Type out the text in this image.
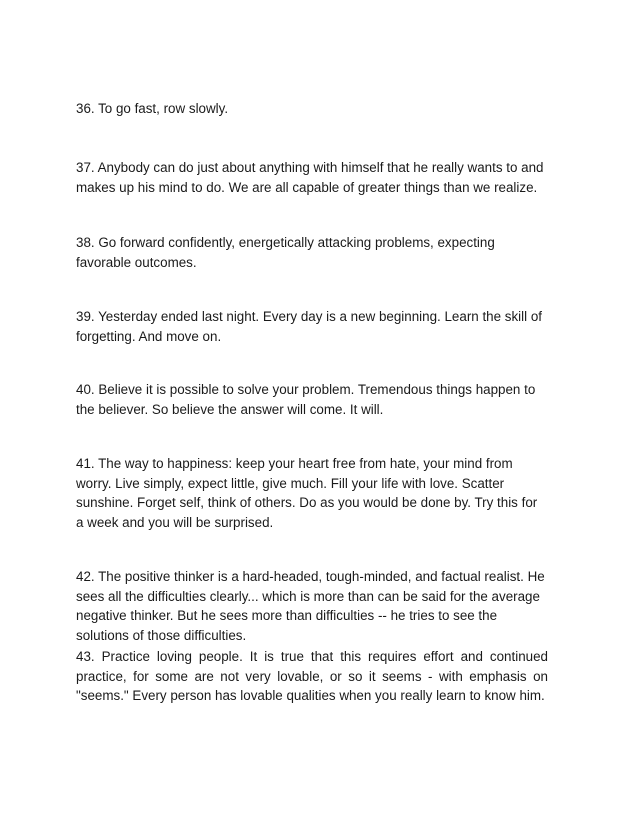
36. To go fast, row slowly.

37. Anybody can do just about anything with himself that he really wants to and makes up his mind to do. We are all capable of greater things than we realize.

38. Go forward confidently, energetically attacking problems, expecting favorable outcomes.

39. Yesterday ended last night. Every day is a new beginning. Learn the skill of forgetting. And move on.

40. Believe it is possible to solve your problem. Tremendous things happen to the believer. So believe the answer will come. It will.

41. The way to happiness: keep your heart free from hate, your mind from worry. Live simply, expect little, give much. Fill your life with love. Scatter sunshine. Forget self, think of others. Do as you would be done by. Try this for a week and you will be surprised.

42. The positive thinker is a hard-headed, tough-minded, and factual realist. He sees all the difficulties clearly... which is more than can be said for the average negative thinker. But he sees more than difficulties -- he tries to see the solutions of those difficulties.

43. Practice loving people. It is true that this requires effort and continued practice, for some are not very lovable, or so it seems - with emphasis on "seems." Every person has lovable qualities when you really learn to know him.
